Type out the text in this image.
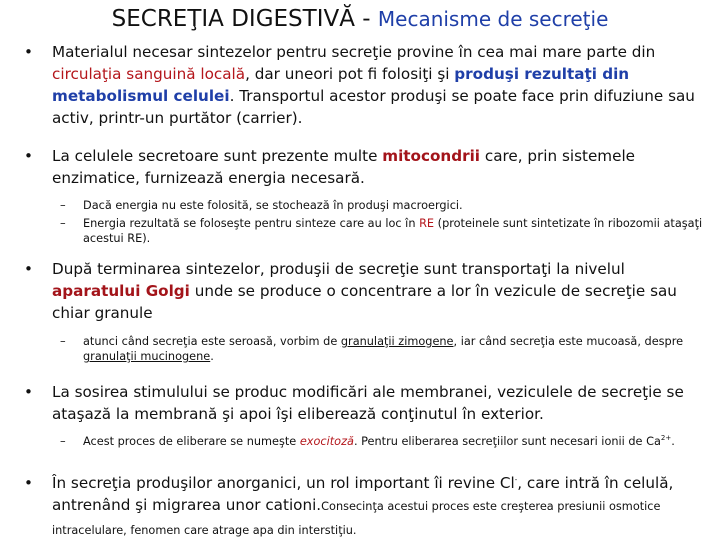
SECREŢIA DIGESTIVĂ - Mecanisme de secreţie
•	Materialul necesar sintezelor pentru secreţie provine în cea mai mare parte din circulaţia sanguină locală, dar uneori pot fi folosiţi şi produşi rezultaţi din metabolismul celulei. Transportul acestor produşi se poate face prin difuziune sau activ, printr-un purtător (carrier).
•	La celulele secretoare sunt prezente multe mitocondrii care, prin sistemele enzimatice, furnizează energia necesară.
– Dacă energia nu este folosită, se stochează în produşi macroergici.
– Energia rezultată se foloseşte pentru sinteze care au loc în RE (proteinele sunt sintetizate în ribozomii ataşaţi acestui RE).
•	După terminarea sintezelor, produşii de secreţie sunt transportaţi la nivelul aparatului Golgi unde se produce o concentrare a lor în vezicule de secreţie sau chiar granule
– atunci când secreţia este seroasă, vorbim de granulaţii zimogene, iar când secreţia este mucoasă, despre granulaţii mucinogene.
•	La sosirea stimulului se produc modificări ale membranei, veziculele de secreţie se ataşază la membrană şi apoi îşi eliberează conţinutul în exterior.
– Acest proces de eliberare se numeşte exocitoză. Pentru eliberarea secreţiilor sunt necesari ionii de $Ca^{2+}$.
•	În secreţia produşilor anorganici, un rol important îi revine Cl-, care intră în celulă, antrenând şi migrarea unor cationi.Consecinţa acestui proces este creşterea presiunii osmotice intracelulare, fenomen care atrage apa din interstiţiu.
